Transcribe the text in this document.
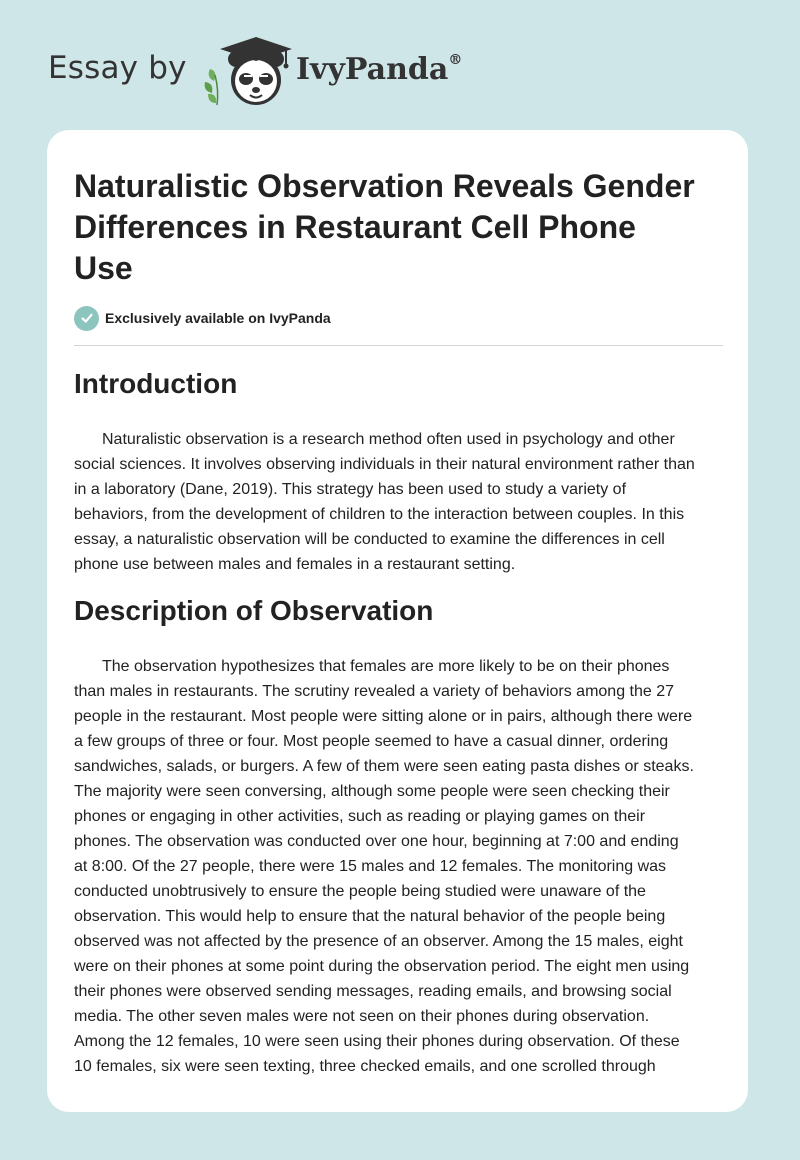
Essay by	IvyPanda®
Naturalistic Observation Reveals Gender
Differences in Restaurant Cell Phone
Use
Exclusively available on IvyPanda
Introduction
Naturalistic observation is a research method often used in psychology and other
social sciences. It involves observing individuals in their natural environment rather than
in a laboratory (Dane, 2019). This strategy has been used to study a variety of
behaviors, from the development of children to the interaction between couples. In this
essay, a naturalistic observation will be conducted to examine the differences in cell
phone use between males and females in a restaurant setting.
Description of Observation
The observation hypothesizes that females are more likely to be on their phones
than males in restaurants. The scrutiny revealed a variety of behaviors among the 27
people in the restaurant. Most people were sitting alone or in pairs, although there were
a few groups of three or four. Most people seemed to have a casual dinner, ordering
sandwiches, salads, or burgers. A few of them were seen eating pasta dishes or steaks.
The majority were seen conversing, although some people were seen checking their
phones or engaging in other activities, such as reading or playing games on their
phones. The observation was conducted over one hour, beginning at 7:00 and ending
at 8:00. Of the 27 people, there were 15 males and 12 females. The monitoring was
conducted unobtrusively to ensure the people being studied were unaware of the
observation. This would help to ensure that the natural behavior of the people being
observed was not affected by the presence of an observer. Among the 15 males, eight
were on their phones at some point during the observation period. The eight men using
their phones were observed sending messages, reading emails, and browsing social
media. The other seven males were not seen on their phones during observation.
Among the 12 females, 10 were seen using their phones during observation. Of these
10 females, six were seen texting, three checked emails, and one scrolled through
